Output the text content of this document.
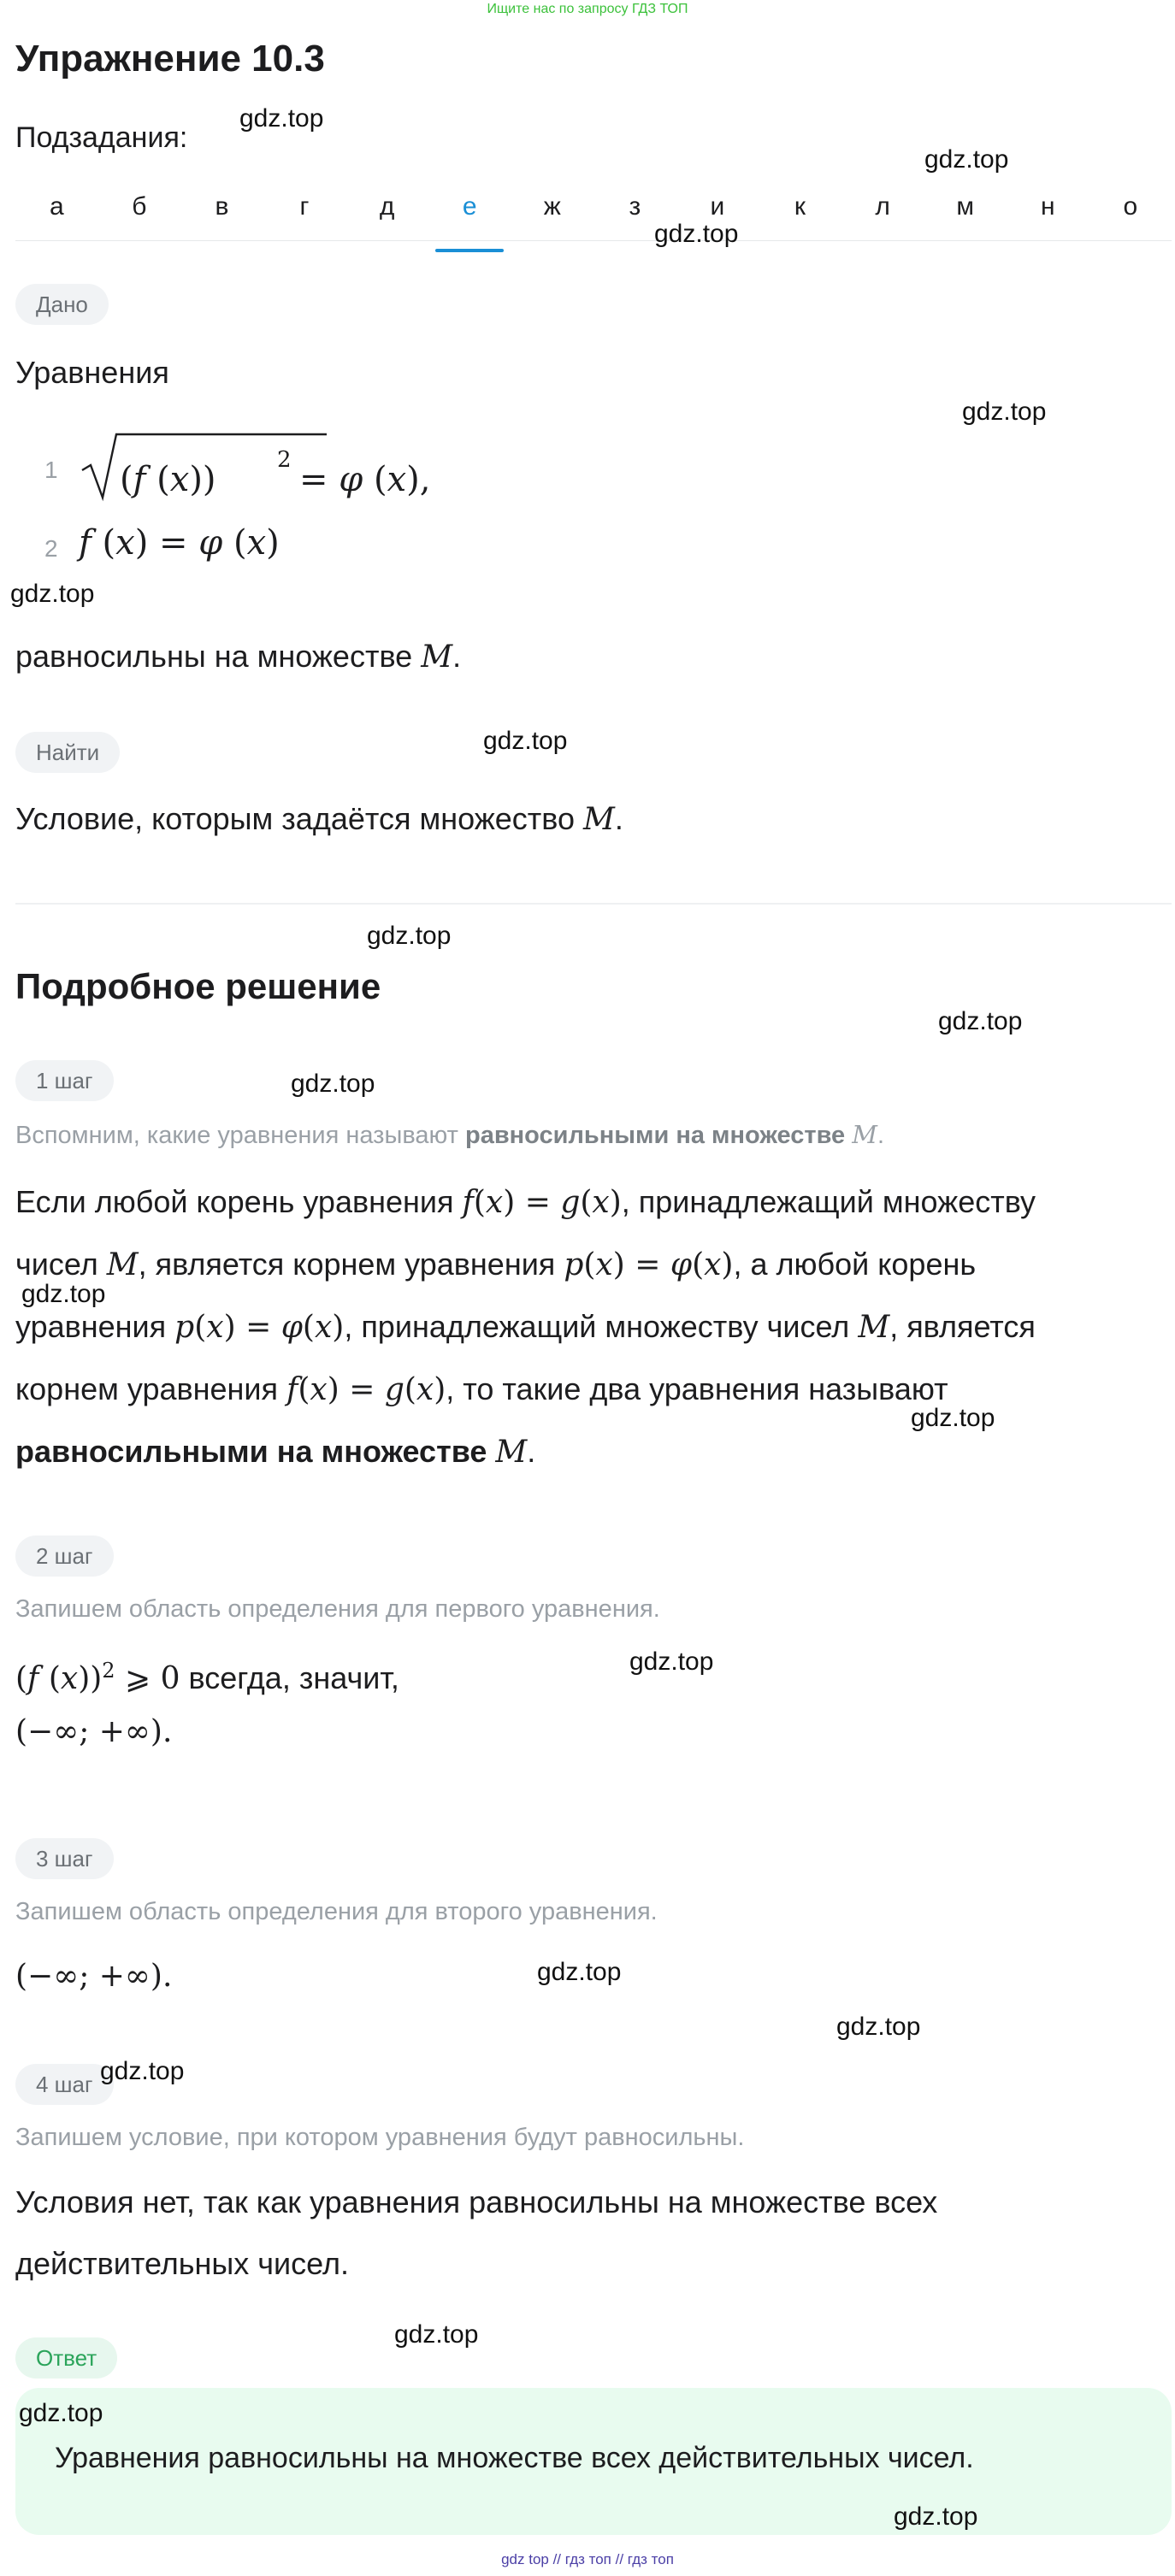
Ищите нас по запросу ГДЗ ТОП
Упражнение 10.3
Подзадания:
а	б	в	г	д	е	ж	з	и	к	л	м	н	о
Дано
Уравнения
1 (f (x))	2 = φ (x),
2 f (x) = φ (x)
равносильны на множестве M.
Найти
Условие, которым задаётся множество M.
Подробное решение
1 шаг
Вспомним, какие уравнения называют равносильными на множестве M.
Если любой корень уравнения f(x) = g(x), принадлежащий множеству
чисел M, является корнем уравнения p(x) = φ(x), а любой корень
уравнения p(x) = φ(x), принадлежащий множеству чисел M, является
корнем уравнения f(x) = g(x), то такие два уравнения называют
равносильными на множестве M.
2 шаг
Запишем область определения для первого уравнения.
(f (x))$^2$ ⩾ 0 всегда, значит,
(−∞; +∞).
3 шаг
Запишем область определения для второго уравнения.
(−∞; +∞).
4 шаг
Запишем условие, при котором уравнения будут равносильны.
Условия нет, так как уравнения равносильны на множестве всех
действительных чисел.
Ответ
Уравнения равносильны на множестве всех действительных чисел.
gdz.top
gdz.top
gdz.top
gdz.top
gdz.top
gdz.top
gdz.top
gdz.top
gdz.top
gdz.top
gdz.top
gdz.top
gdz.top
gdz.top
gdz.top
gdz.top
gdz.top
gdz.top
gdz top // гдз топ // гдз топ
